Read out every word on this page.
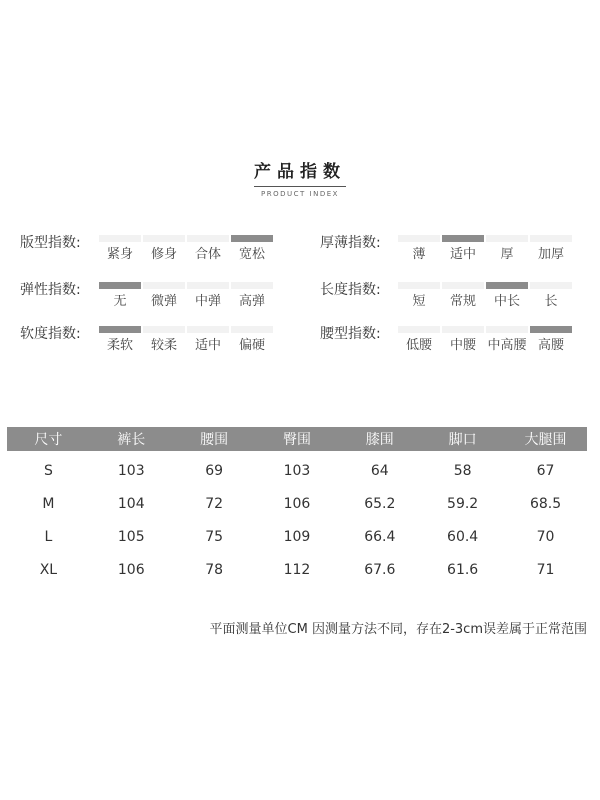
产品指数
PRODUCT INDEX
版型指数:
紧身	修身	合体	宽松
厚薄指数:
薄	适中	厚	加厚
弹性指数:
无	微弹	中弹	高弹
长度指数:
短	常规	中长	长
软度指数:
柔软	较柔	适中	偏硬
腰型指数:
低腰	中腰 中高腰 高腰
尺寸	裤长	腰围	臀围	膝围	脚口	大腿围
S	103	69	103	64	58	67
M	104	72	106	65.2	59.2	68.5
L	105	75	109	66.4	60.4	70
XL	106	78	112	67.6	61.6	71
平面测量单位CM 因测量方法不同，存在2-3cm误差属于正常范围
